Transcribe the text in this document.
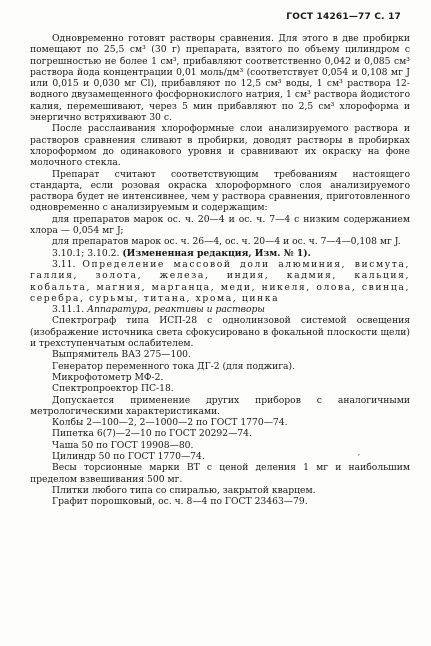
ГОСТ 14261—77 С. 17

Одновременно готовят растворы сравнения. Для этого в две пробирки помещают по 25,5 см³ (30 г) препарата, взятого по объему цилиндром с погрешностью не более 1 см³, прибавляют соответственно 0,042 и 0,085 см³ раствора йода концентрации 0,01 моль/дм³ (соответствует 0,054 и 0,108 мг J или 0,015 и 0,030 мг Cl), прибавляют по 12,5 см³ воды, 1 см³ раствора 12-водного двузамещенного фосфорнокислого натрия, 1 см³ раствора йодистого калия, перемешивают, через 5 мин прибавляют по 2,5 см³ хлороформа и энергично встряхивают 30 с.

После расслаивания хлороформные слои анализируемого раствора и растворов сравнения сливают в пробирки, доводят растворы в пробирках хлороформом до одинакового уровня и сравнивают их окраску на фоне молочного стекла.

Препарат считают соответствующим требованиям настоящего стандарта, если розовая окраска хлороформного слоя анализируемого раствора будет не интенсивнее, чем у раствора сравнения, приготовленного одновременно с анализируемым и содержащим:

для препаратов марок ос. ч. 20—4 и ос. ч. 7—4 с низким содержанием хлора — 0,054 мг J;

для препаратов марок ос. ч. 26—4, ос. ч. 20—4 и ос. ч. 7—4—0,108 мг J.

3.10.1; 3.10.2. (Измененная редакция, Изм. № 1).

3.11. Определение массовой доли алюминия, висмута, галлия, золота, железа, индия, кадмия, кальция, кобальта, магния, марганца, меди, никеля, олова, свинца, серебра, сурьмы, титана, хрома, цинка

3.11.1. Аппаратура, реактивы и растворы

Спектрограф типа ИСП-28 с однолинзовой системой освещения (изображение источника света сфокусировано в фокальной плоскости щели) и трехступенчатым ослабителем.

Выпрямитель ВАЗ 275—100.

Генератор переменного тока ДГ-2 (для поджига).

Микрофотометр МФ-2.

Спектропроектор ПС-18.

Допускается применение других приборов с аналогичными метрологическими характеристиками.

Колбы 2—100—2, 2—1000—2 по ГОСТ 1770—74.

Пипетка 6(7)—2—10 по ГОСТ 20292—74.

Чаша 50 по ГОСТ 19908—80.

Цилиндр 50 по ГОСТ 1770—74.

Весы торсионные марки ВТ с ценой деления 1 мг и наибольшим пределом взвешивания 500 мг.

Плитки любого типа со спиралью, закрытой кварцем.

Графит порошковый, ос. ч. 8—4 по ГОСТ 23463—79.

′
